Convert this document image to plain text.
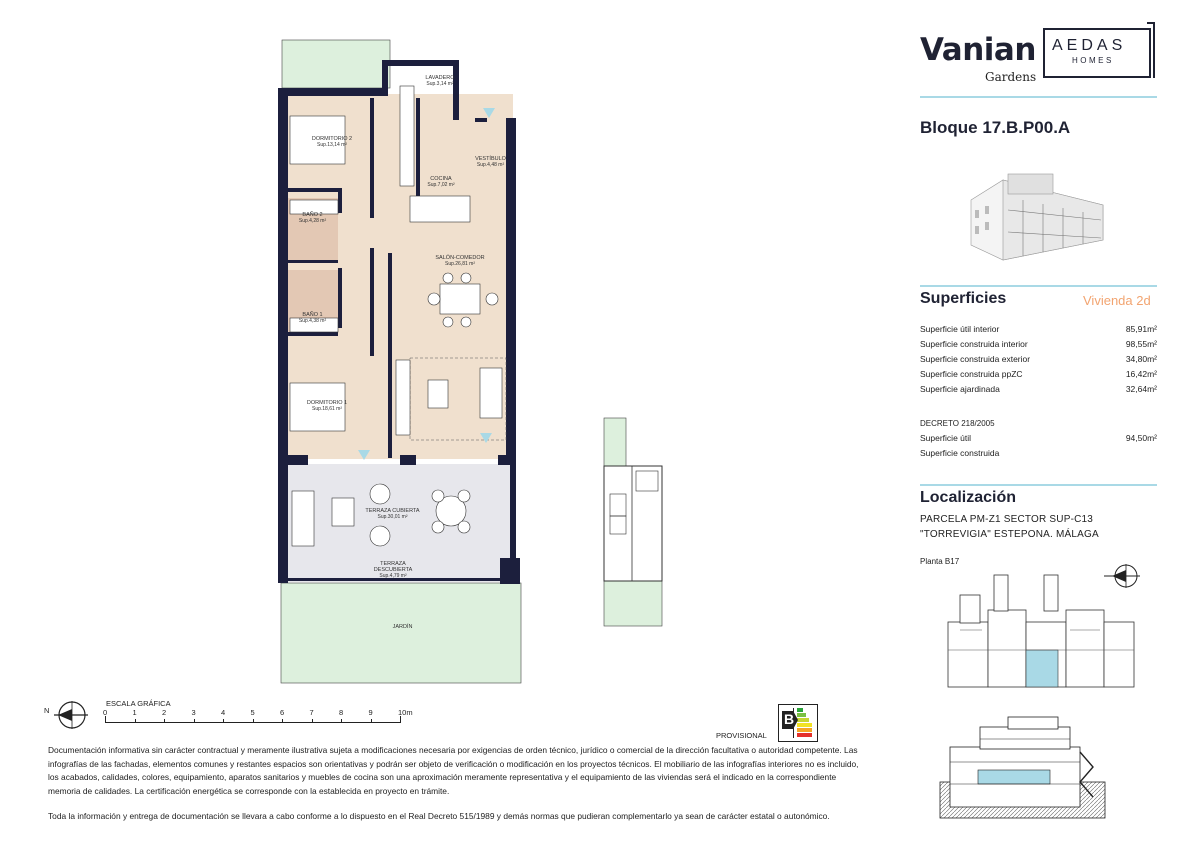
LAVADERO
Sup.3,14 m²
DORMITORIO 2
Sup.13,14 m²
COCINA
Sup.7,02 m²
VESTÍBULO
Sup.4,48 m²
BAÑO 2
Sup.4,28 m²
SALÓN-COMEDOR
Sup.26,81 m²
BAÑO 1
Sup.4,38 m²
DORMITORIO 1
Sup.18,61 m²
TERRAZA CUBIERTA
Sup.30,01 m²
TERRAZA DESCUBIERTA
Sup.4,79 m²
JARDÍN
N
ESCALA GRÁFICA
0	1	2	3	4	5	6	7	8	9	10m
PROVISIONAL
B
Documentación informativa sin carácter contractual y meramente ilustrativa sujeta a modificaciones necesaria por exigencias de orden técnico, jurídico o comercial de la dirección facultativa o autoridad competente. Las infografías de las fachadas, elementos comunes y restantes espacios son orientativas y podrán ser objeto de verificación o modificación en los proyectos técnicos. El mobiliario de las infografías interiores no es incluido, los acabados, calidades, colores, equipamiento, aparatos sanitarios y muebles de cocina son una aproximación meramente representativa y el equipamiento de las viviendas será el indicado en la correspondiente memoria de calidades. La certificación energética se corresponde con la establecida en proyecto en trámite.
Toda la información y entrega de documentación se llevara a cabo conforme a lo dispuesto en el Real Decreto 515/1989 y demás normas que pudieran complementarlo ya sean de carácter estatal o autonómico.
Vanian
Gardens
AEDAS
HOMES
Bloque 17.B.P00.A
Superficies	Vivienda 2d
Superficie útil interior	85,91m²
Superficie construida interior	98,55m²
Superficie construida exterior	34,80m²
Superficie construida ppZC	16,42m²
Superficie ajardinada	32,64m²
DECRETO 218/2005
Superficie útil	94,50m²
Superficie construida
Localización
PARCELA PM-Z1 SECTOR SUP-C13
"TORREVIGIA" ESTEPONA. MÁLAGA
Planta B17
